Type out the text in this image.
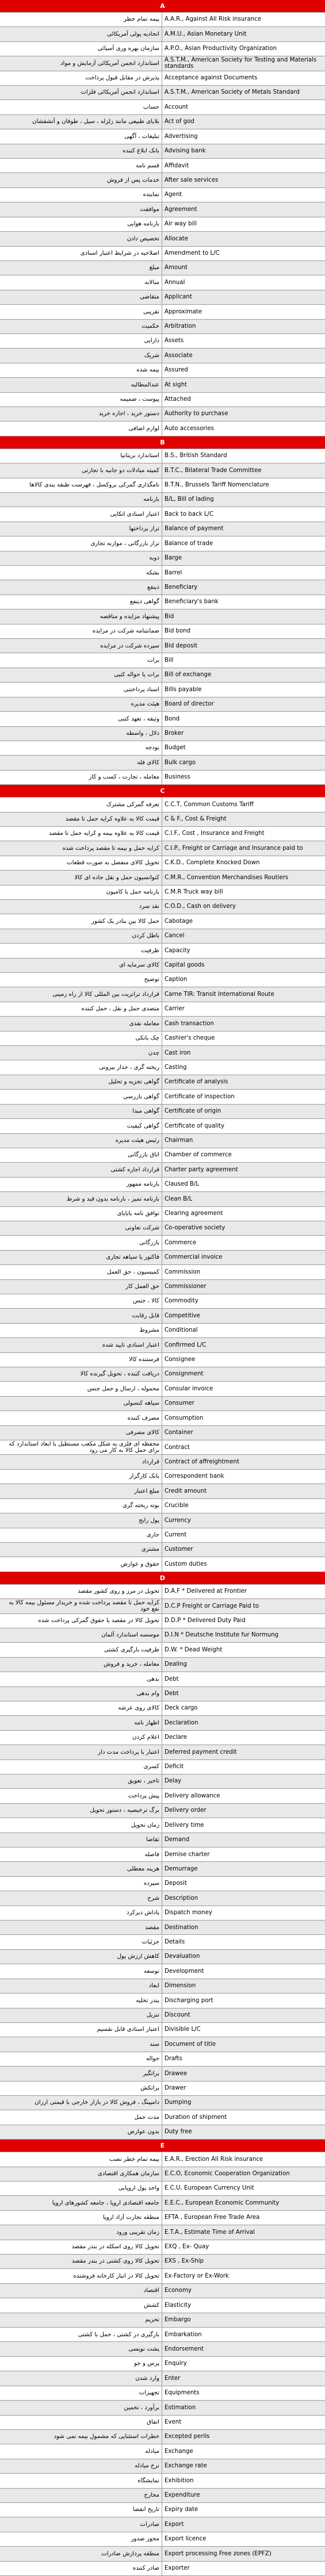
A
بیمه تمام خطر A.A.R., Against All Risk insurance
اتحادیه پولی آمریکائی A.M.U., Asian Monetary Unit
سازمان بهره وری آسیائی A.P.O., Asian Productivity Organization
استاندارد انجمن آمریکائی آزمایش و مواد
A.S.T.M., American Society for Testing and Materials standards
پذیرش در مقابل قبول پرداخت Acceptance against Documents
استاندارد انجمن آمریکائی فلزات A.S.T.M., American Society of Metals Standard
حساب Account
بلایای طبیعی مانند زلزله ، سیل ، طوفان و آتشفشان Act of god
تبلیغات ، آگهی Advertising
بانک ابلاغ کننده Advising bank
قسم نامه Affidavit
خدمات پس از فروش After sale services
نماینده Agent
موافقت Agreement
بارنامه هوایی Air way bill
تخصیص دادن Allocate
اصلاحیه در شرایط اعتبار اسنادی Amendment to L/C
مبلغ Amount
سالانه Annual
متقاضی Applicant
تقریبی Approximate
حکمیت Arbitration
دارایی Assets
شریک Associate
بیمه شده Assured
عندالمطالبه At sight
پیوست ، ضمیمه Attached
دستور خرید ، اجازه خرید Authority to purchase
لوازم اضافی Auto accessories
B
استاندارد بریتانیا B.S., British Standard
کمیته مبادلات دو جانبه با تجارتی B.T.C., Bilateral Trade Committee
نامگذاری گمرکی بروکسل ، فهرست طبقه بندی کالاها B.T.N., Brussels Tariff Nomenclature
بارنامه B/L, Bill of lading
اعتبار اسنادی اتکایی Back to back L/C
تراز پرداختها Balance of payment
تراز بازرگانی ، موازنه تجاری Balance of trade
دوبه Barge
بشکه Barrel
ذینفع Beneficiary
گواهی ذینفع Beneficiary's bank
پیشنهاد مزایده و مناقصه Bid
ضمانتنامه شرکت در مزایده Bid bond
سپرده شرکت در مزایده Bid deposit
برات Bill
برات یا حواله کتبی Bill of exchange
اسناد پرداختنی Bills payable
هیئت مدیره Board of director
وثیقه ، تعهد کتبی Bond
دلال ، واسطه Broker
بودجه Budget
کالای فله Bulk cargo
معامله ، تجارت ، کسب و کار Business
C
تعرفه گمرکی مشترک C.C.T, Common Customs Tariff
قیمت کالا به علاوه کرایه حمل تا مقصد C & F., Cost & Freight
قیمت کالا به علاوه بیمه و کرایه حمل تا مقصد C.I.F., Cost , Insurance and Freight
کرایه حمل و بیمه تا مقصد پرداخت شده C.I.P., Freight or Carriage and Insurance paid to
تحویل کالای منفصل به صورت قطعات C.K.D., Complete Knocked Down
کنوانسیون حمل و نقل جاده ای کالا C.M.R., Convention Merchandises Routiers
بارنامه حمل با کامیون C.M.R Truck way bill
نقد سرد C.O.D., Cash on delivery
حمل کالا بین بنادر یک کشور Cabotage
باطل کردن Cancel
ظرفیت Capacity
کالای سرمایه ای Capital goods
توضیح Caption
قرارداد ترانزیت بین المللی کالا از راه زمینی Carne TIR: Transit International Route
متصدی حمل و نقل ، حمل کننده Carrier
معامله نقدی Cash transaction
چک بانکی Cashier's cheque
چدن Cast iron
ریخته گری ، جدار بیرونی Casting
گواهی تجزیه و تحلیل Certificate of analysis
گواهی بازرسی Certificate of inspection
گواهی مبدا Certificate of origin
گواهی کیفیت Certificate of quality
رئیس هیئت مدیره Chairman
اتاق بازرگانی Chamber of commerce
قرارداد اجاره کشتی Charter party agreement
بارنامه ممهور Claused B/L
بارنامه تمیز ، بارنامه بدون قید و شرط Clean B/L
توافق نامه پایاپای Clearing agreement
شرکت تعاونی Co-operative society
بازرگانی Commerce
فاکتور یا سیاهه تجاری Commercial invoice
کمیسیون ، حق العمل Commission
حق العمل کار Commissioner
کالا ، جنس Commodity
قابل رقابت Competitive
مشروط Conditional
اعتبار اسنادی تایید شده Confirmed L/C
فرستنده کالا Consignee
دریافت کننده ، تحویل گیرنده کالا Consignment
محموله ، ارسال و حمل جنس Consular invoice
سیاهه کنسولی Consumer
مصرف کننده Consumption
کالای مصرفی Container
محفظه ای فلزی به شکل مکعب مستطیل با ابعاد استاندارد که برای حمل کالا به کار می رود
Contract
قرارداد Contract of affreightment
بانک کارگزار Correspondent bank
مبلغ اعتبار Credit amount
بوته ریخته گری Crucible
پول رایج Currency
جاری Current
مشتری Customer
حقوق و عوارض Custom duties
D
تحویل در مرز و روی کشور مقصد D.A.F * Delivered at Frontier
کرایه حمل تا مقصد پرداخت شده و خریدار مسئول بیمه کالا به نفع خود
D.C.P Freight or Carriage Paid to
تحویل کالا در مقصد با حقوق گمرکی پرداخت شده D.D.P * Delivered Duty Paid
موسسه استاندارد آلمان D.I.N * Deutsche Institute fur Normung
ظرفیت بارگیری کشتی D.W. * Dead Weight
معامله ، خرید و فروش Dealing
بدهی Debt
وام بدهی Debt
کالای روی عرشه Deck cargo
اظهار نامه Declaration
اعلام کردن Declare
اعتبار با پرداخت مدت دار Deferred payment credit
کسری Deficit
تاخیر ، تعویق Delay
پیش پرداخت Delivery allowance
برگ ترخیصیه ، دستور تحویل Delivery order
زمان تحویل Delivery time
تقاضا Demand
فاصله Demise charter
هزینه معطلی Demurrage
سپرده Deposit
شرح Description
پاداش دیرکرد Dispatch money
مقصد Destination
جزئیات Details
کاهش ارزش پول Devaluation
توسعه Development
ابعاد Dimension
بندر تخلیه Discharging port
تنزیل Discount
اعتبار اسنادی قابل تقسیم Divisible L/C
سند Document of title
حواله Drafts
براتگیر Drawee
براتکش Drawer
دامپینگ ، فروش کالا در بازار خارجی با قیمتی ارزان Dumping
مدت حمل Duration of shipment
بدون عوارض Duty free
E
بیمه تمام خطر نصب E.A.R., Erection All Risk insurance
سازمان همکاری اقتصادی E.C.O, Economic Cooperation Organization
واحد پول اروپایی E.C.U, European Currency Unit
جامعه اقتصادی اروپا ، جامعه کشورهای اروپا E.E.C., European Economic Community
منطقه تجارت آزاد اروپا EFTA , European Free Trade Area
زمان تقریبی ورود E.T.A., Estimate Time of Arrival
تحویل کالا روی اسکله در بندر مقصد EXQ , Ex- Quay
تحویل کالا روی کشتی در بندر مقصد EXS , Ex-Ship
تحویل کالا در انبار کارخانه فروشنده Ex-Factory or Ex-Work
اقتصاد Economy
کشش Elasticity
تحریم Embargo
بارگیری در کشتی ، حمل با کشتی Embarkation
پشت نویسی Endorsement
پرس و جو Enquiry
وارد شدن Enter
تجهیزات Equipments
برآورد ، تخمین Estimation
اتفاق Event
خطرات استثنایی که مشمول بیمه نمی شود Excepted perils
مبادله Exchange
نرخ مبادله Exchange rate
نمایشگاه Exhibition
مخارج Expenditure
تاریخ انقضا Expiry date
صادرات Export
مجوز صدور Export licence
منطقه پردازش صادرات Export processing Free zones (EPFZ)
صادر کننده Exporter
